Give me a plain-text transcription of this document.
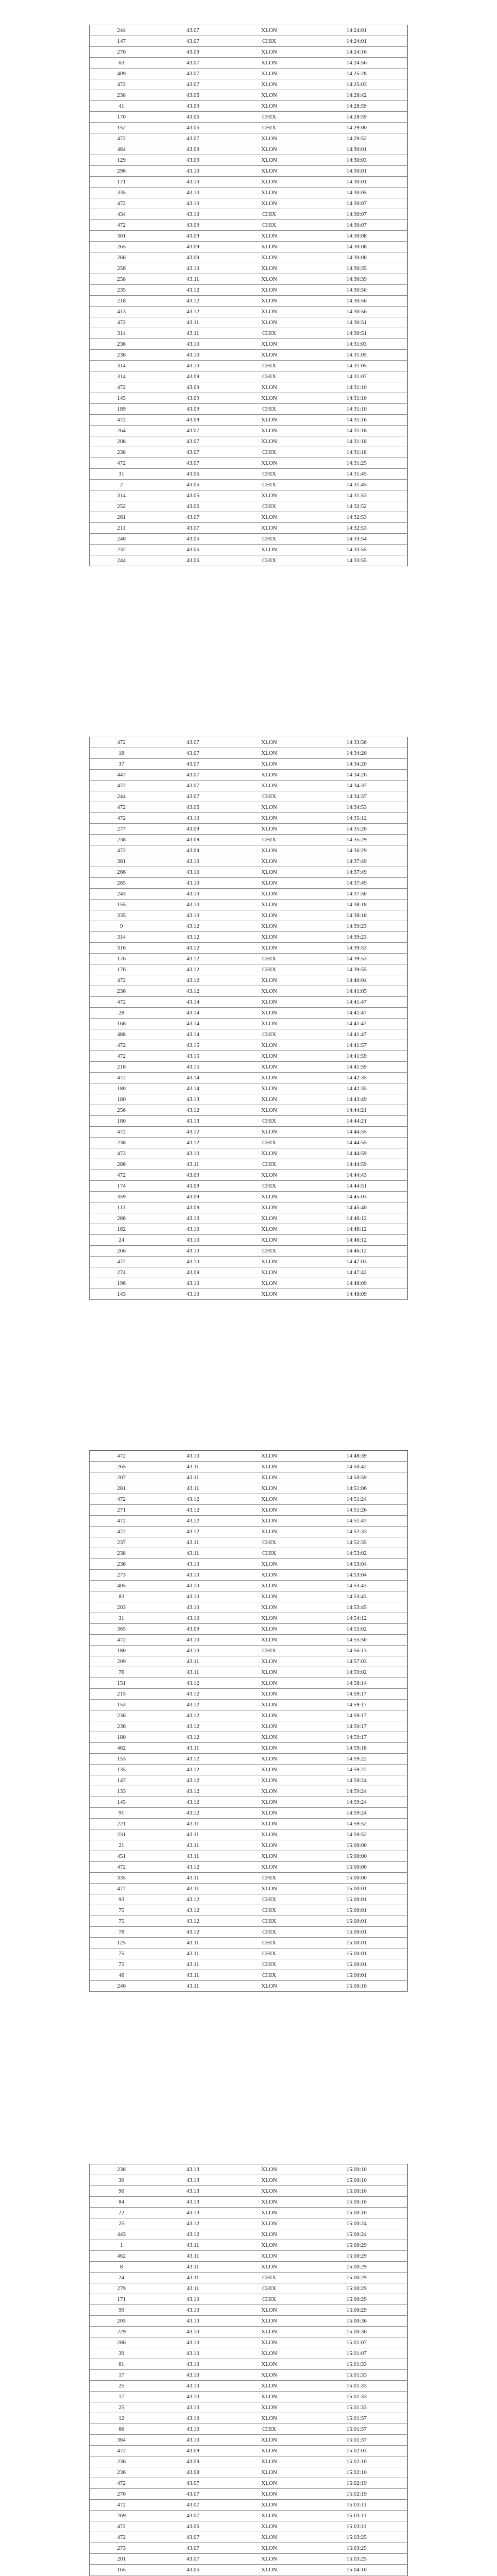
244	43.07	XLON	14:24:01
147	43.07	CHIX	14:24:01
270	43.09	XLON	14:24:16
63	43.07	XLON	14:24:56
409	43.07	XLON	14:25:28
472	43.07	XLON	14:25:03
238	43.06	XLON	14:28:42
41	43.09	XLON	14:28:59
170	43.06	CHIX	14:28:59
152	43.06	CHIX	14:29:00
472	43.07	XLON	14:29:52
464	43.09	XLON	14:30:01
129	43.09	XLON	14:30:03
296	43.10	XLON	14:30:01
171	43.10	XLON	14:30:01
335	43.10	XLON	14:30:05
472	43.10	XLON	14:30:07
434	43.10	CHIX	14:30:07
472	43.09	CHIX	14:30:07
301	43.09	XLON	14:30:08
265	43.09	XLON	14:30:08
266	43.09	XLON	14:30:08
256	43.10	XLON	14:30:35
258	43.11	XLON	14:30:39
235	43.12	XLON	14:30:50
218	43.12	XLON	14:30:56
413	43.12	XLON	14:30:56
472	43.11	XLON	14:30:51
314	43.11	CHIX	14:30:51
236	43.10	XLON	14:31:03
236	43.10	XLON	14:31:05
314	43.10	CHIX	14:31:05
314	43.09	CHIX	14:31:07
472	43.09	XLON	14:31:10
145	43.09	XLON	14:31:10
189	43.09	CHIX	14:31:10
472	43.09	XLON	14:31:16
264	43.07	XLON	14:31:18
208	43.07	XLON	14:31:18
238	43.07	CHIX	14:31:18
472	43.07	XLON	14:31:25
31	43.06	CHIX	14:31:45
2	43.06	CHIX	14:31:45
314	43.05	XLON	14:31:53
252	43.06	CHIX	14:32:52
261	43.07	XLON	14:32:53
211	43.07	XLON	14:32:53
240	43.06	CHIX	14:33:54
232	43.06	XLON	14:33:55
244	43.06	CHIX	14:33:55
472	43.07	XLON	14:33:56
18	43.07	XLON	14:34:20
37	43.07	XLON	14:34:20
447	43.07	XLON	14:34:26
472	43.07	XLON	14:34:37
244	43.07	CHIX	14:34:37
472	43.06	XLON	14:34:53
472	43.10	XLON	14:35:12
277	43.09	XLON	14:35:20
238	43.09	CHIX	14:35:29
472	43.09	XLON	14:36:29
381	43.10	XLON	14:37:49
266	43.10	XLON	14:37:49
265	43.10	XLON	14:37:49
243	43.10	XLON	14:37:50
155	43.10	XLON	14:38:18
335	43.10	XLON	14:38:18
9	43.12	XLON	14:39:23
314	43.12	XLON	14:39:23
316	43.12	XLON	14:39:53
176	43.12	CHIX	14:39:53
176	43.12	CHIX	14:39:55
472	43.12	XLON	14:40:04
236	43.12	XLON	14:41:05
472	43.14	XLON	14:41:47
28	43.14	XLON	14:41:47
168	43.14	XLON	14:41:47
488	43.14	CHIX	14:41:47
472	43.15	XLON	14:41:57
472	43.15	XLON	14:41:59
218	43.15	XLON	14:41:59
472	43.14	XLON	14:42:35
180	43.14	XLON	14:42:35
180	43.13	XLON	14:43:49
256	43.12	XLON	14:44:21
180	43.13	CHIX	14:44:21
472	43.12	XLON	14:44:55
238	43.12	CHIX	14:44:55
472	43.10	XLON	14:44:59
286	43.11	CHIX	14:44:59
472	43.09	XLON	14:44:43
174	43.09	CHIX	14:44:51
359	43.09	XLON	14:45:03
113	43.09	XLON	14:45:46
286	43.10	XLON	14:46:12
162	43.10	XLON	14:46:12
24	43.10	XLON	14:46:12
266	43.10	CHIX	14:46:12
472	43.10	XLON	14:47:03
274	43.09	XLON	14:47:42
196	43.10	XLON	14:48:09
143	43.10	XLON	14:48:09
472	43.10	XLON	14:48:39
265	43.11	XLON	14:50:42
207	43.11	XLON	14:50:59
281	43.11	XLON	14:51:06
472	43.12	XLON	14:51:24
271	43.12	XLON	14:51:26
472	43.12	XLON	14:51:47
472	43.12	XLON	14:52:33
237	43.11	CHIX	14:52:35
238	43.11	CHIX	14:53:02
236	43.10	XLON	14:53:04
273	43.10	XLON	14:53:04
405	43.10	XLON	14:53:43
83	43.10	XLON	14:53:43
203	43.10	XLON	14:53:45
31	43.10	XLON	14:54:12
365	43.09	XLON	14:55:02
472	43.10	XLON	14:55:50
180	43.10	CHIX	14:56:13
209	43.11	XLON	14:57:03
76	43.11	XLON	14:59:02
151	43.12	XLON	14:58:14
215	43.12	XLON	14:59:17
153	43.12	XLON	14:59:17
236	43.12	XLON	14:59:17
236	43.12	XLON	14:59:17
180	43.12	XLON	14:59:17
462	43.11	XLON	14:59:18
153	43.12	XLON	14:59:22
135	43.12	XLON	14:59:22
147	43.12	XLON	14:59:24
133	43.12	XLON	14:59:24
145	43.12	XLON	14:59:24
91	43.12	XLON	14:59:24
221	43.11	XLON	14:59:52
231	43.11	XLON	14:59:52
21	43.11	XLON	15:00:00
451	43.11	XLON	15:00:00
472	43.12	XLON	15:00:00
335	43.11	CHIX	15:00:00
472	43.11	XLON	15:00:01
93	43.12	CHIX	15:00:01
75	43.12	CHIX	15:00:01
75	43.12	CHIX	15:00:01
78	43.12	CHIX	15:00:01
125	43.11	CHIX	15:00:01
75	43.11	CHIX	15:00:01
75	43.11	CHIX	15:00:01
46	43.11	CHIX	15:00:01
240	43.11	XLON	15:00:10
236	43.13	XLON	15:00:10
30	43.13	XLON	15:00:10
90	43.13	XLON	15:00:10
84	43.13	XLON	15:00:10
22	43.13	XLON	15:00:10
25	43.12	XLON	15:00:24
443	43.12	XLON	15:00:24
1	43.11	XLON	15:00:29
462	43.11	XLON	15:00:29
8	43.11	XLON	15:00:29
24	43.11	CHIX	15:00:29
279	43.11	CHIX	15:00:29
171	43.10	CHIX	15:00:29
99	43.10	XLON	15:00:29
205	43.10	XLON	15:00:36
229	43.10	XLON	15:00:36
286	43.10	XLON	15:01:07
39	43.10	XLON	15:01:07
61	43.10	XLON	15:01:33
17	43.10	XLON	15:01:33
25	43.10	XLON	15:01:33
17	43.10	XLON	15:01:33
25	43.10	XLON	15:01:33
12	43.10	XLON	15:01:37
66	43.10	CHIX	15:01:37
364	43.10	XLON	15:01:37
472	43.09	XLON	15:02:03
236	43.09	XLON	15:02:10
236	43.08	XLON	15:02:10
472	43.07	XLON	15:02:19
270	43.07	XLON	15:02:19
472	43.07	XLON	15:03:11
269	43.07	XLON	15:03:11
472	43.06	XLON	15:03:11
472	43.07	XLON	15:03:25
273	43.07	XLON	15:03:25
201	43.07	XLON	15:03:25
165	43.06	XLON	15:04:10
